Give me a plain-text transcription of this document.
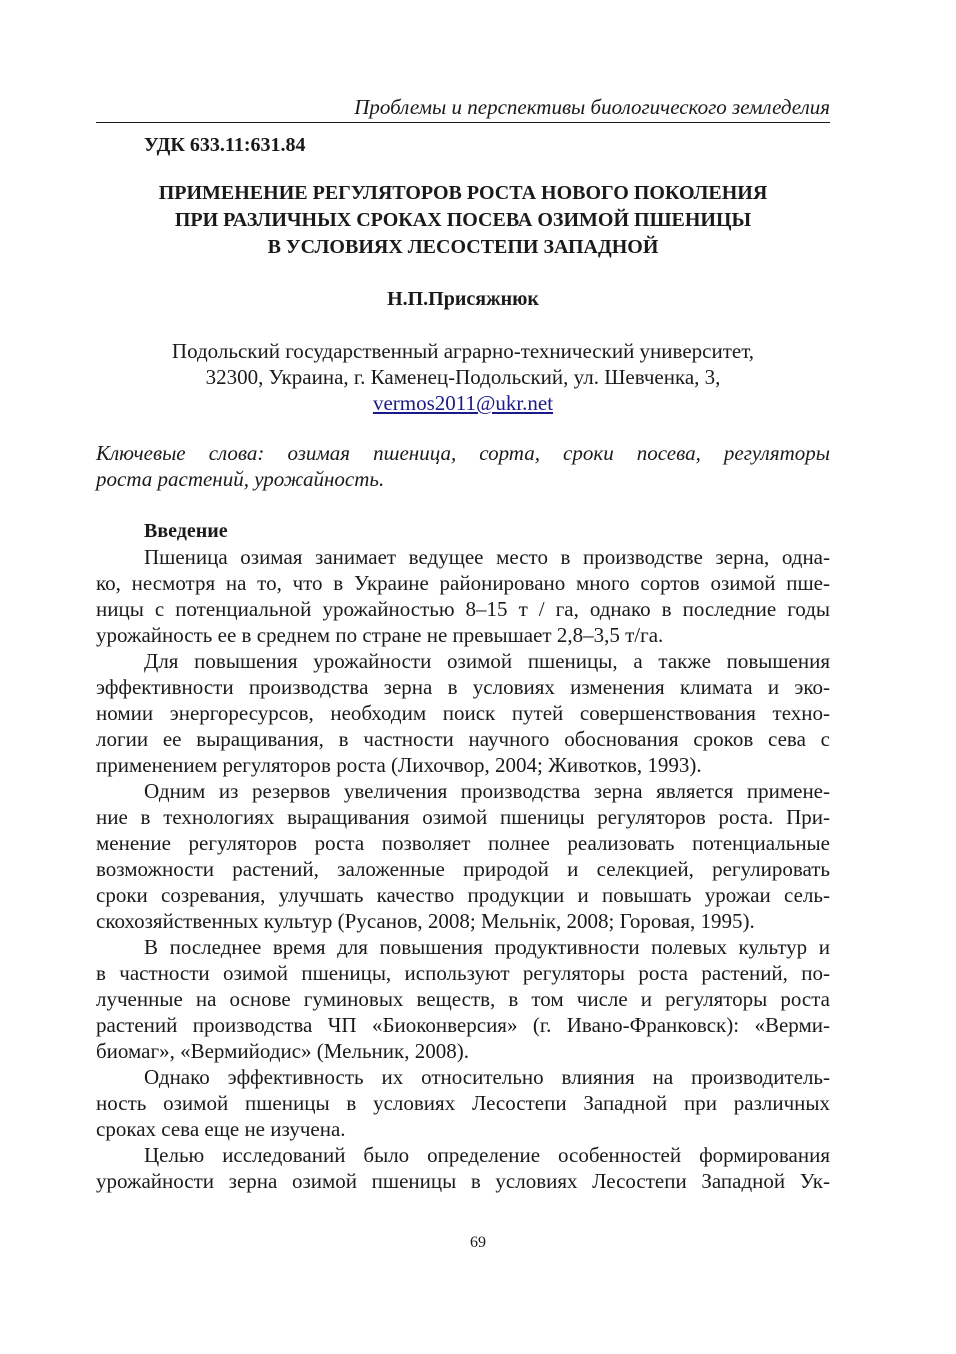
Проблемы и перспективы биологического земледелия
УДК 633.11:631.84
ПРИМЕНЕНИЕ РЕГУЛЯТОРОВ РОСТА НОВОГО ПОКОЛЕНИЯ
ПРИ РАЗЛИЧНЫХ СРОКАХ ПОСЕВА ОЗИМОЙ ПШЕНИЦЫ
В УСЛОВИЯХ ЛЕСОСТЕПИ ЗАПАДНОЙ
Н.П.Присяжнюк
Подольский государственный аграрно-технический университет,
32300, Украина, г. Каменец-Подольский, ул. Шевченка, 3,
vermos2011@ukr.net
Ключевые слова: озимая пшеница, сорта, сроки посева, регуляторы
роста растений, урожайность.
Введение
Пшеница озимая занимает ведущее место в производстве зерна, одна-
ко, несмотря на то, что в Украине районировано много сортов озимой пше-
ницы с потенциальной урожайностью 8–15 т / га, однако в последние годы
урожайность ее в среднем по стране не превышает 2,8–3,5 т/га.
Для повышения урожайности озимой пшеницы, а также повышения
эффективности производства зерна в условиях изменения климата и эко-
номии энергоресурсов, необходим поиск путей совершенствования техно-
логии ее выращивания, в частности научного обоснования сроков сева с
применением регуляторов роста (Лихочвор, 2004; Животков, 1993).
Одним из резервов увеличения производства зерна является примене-
ние в технологиях выращивания озимой пшеницы регуляторов роста. При-
менение регуляторов роста позволяет полнее реализовать потенциальные
возможности растений, заложенные природой и селекцией, регулировать
сроки созревания, улучшать качество продукции и повышать урожаи сель-
скохозяйственных культур (Русанов, 2008; Мельнiк, 2008; Горовая, 1995).
В последнее время для повышения продуктивности полевых культур и
в частности озимой пшеницы, используют регуляторы роста растений, по-
лученные на основе гуминовых веществ, в том числе и регуляторы роста
растений производства ЧП «Биоконверсия» (г. Ивано-Франковск): «Верми-
биомаг», «Вермийодис» (Мельник, 2008).
Однако эффективность их относительно влияния на производитель-
ность озимой пшеницы в условиях Лесостепи Западной при различных
сроках сева еще не изучена.
Целью исследований было определение особенностей формирования
урожайности зерна озимой пшеницы в условиях Лесостепи Западной Ук-
69
